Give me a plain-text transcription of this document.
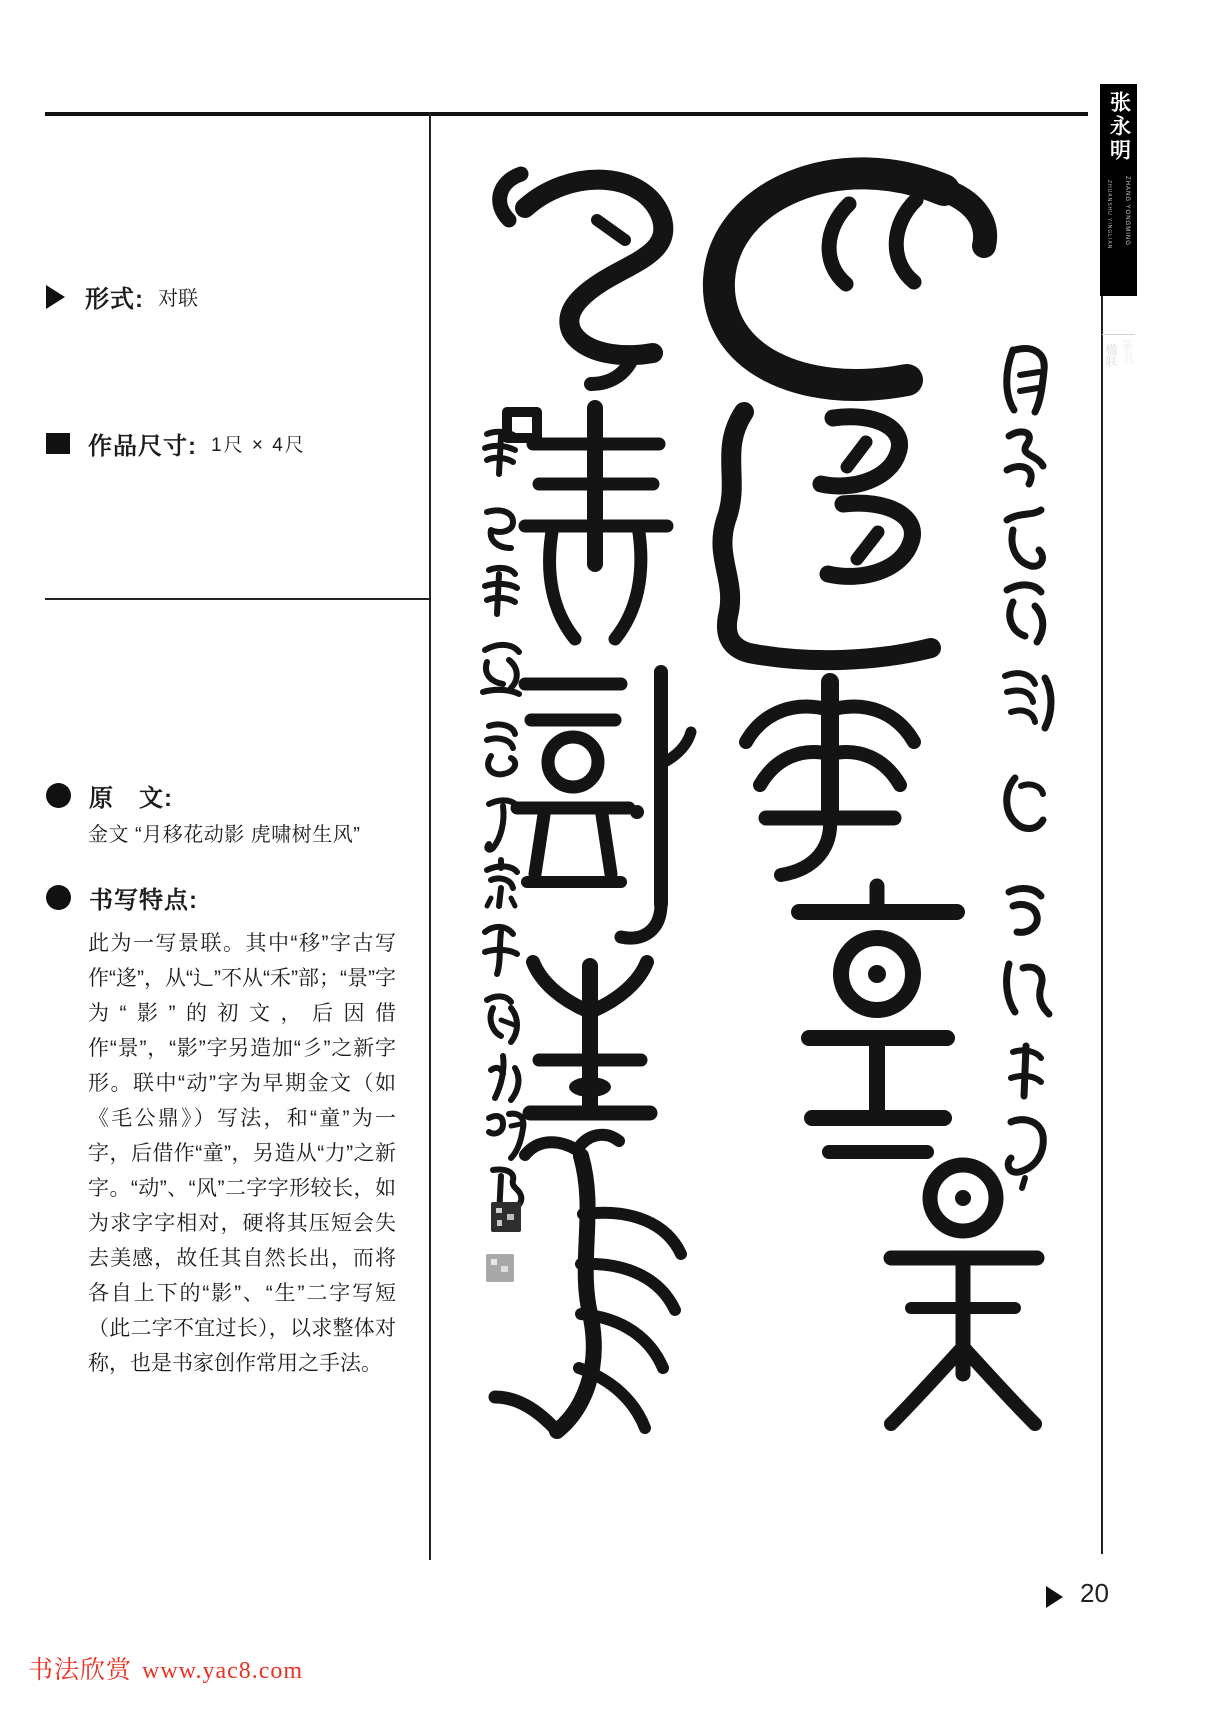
张永明
ZHANG YONGMING
ZHUANSHU YINGLIAN
篆书
楹联
形式: 对联
作品尺寸: 1尺 × 4尺
原　文:
金文 “月移花动影 虎啸树生风”
书写特点:
此为一写景联。其中“移”字古写作“迻”，从“辶”不从“禾”部；“景”字为“影”的初文，后因借作“景”，“影”字另造加“彡”之新字形。联中“动”字为早期金文（如《毛公鼎》）写法，和“童”为一字，后借作“童”，另造从“力”之新字。“动”、“风”二字字形较长，如为求字字相对，硬将其压短会失去美感，故任其自然长出，而将各自上下的“影”、“生”二字写短（此二字不宜过长），以求整体对称，也是书家创作常用之手法。
20
书法欣赏 www.yac8.com
